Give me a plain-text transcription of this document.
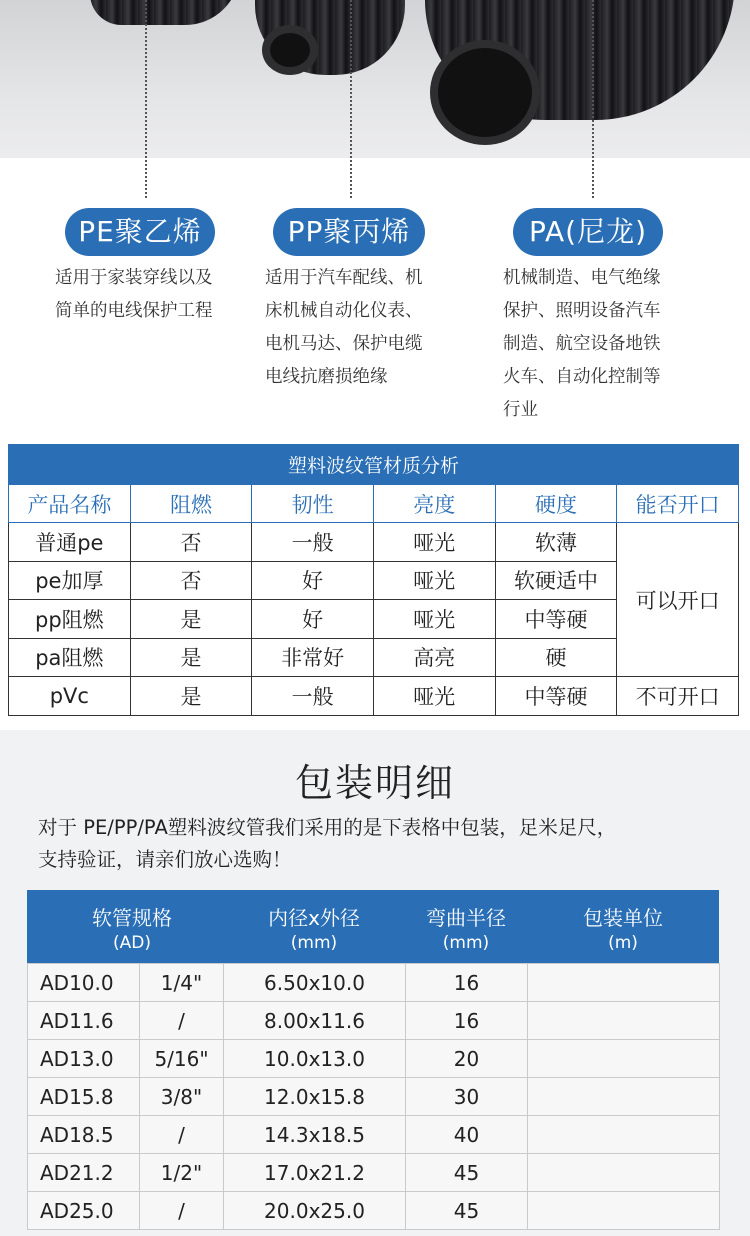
PE聚乙烯	PP聚丙烯	PA(尼龙)
适用于家装穿线以及
简单的电线保护工程
适用于汽车配线、机
床机械自动化仪表、
电机马达、保护电缆
电线抗磨损绝缘
机械制造、电气绝缘
保护、照明设备汽车
制造、航空设备地铁
火车、自动化控制等
行业
塑料波纹管材质分析					
产品名称	阻燃	韧性	亮度	硬度	能否开口
普通pe	否	一般	哑光	软薄	可以开口
pe加厚	否	好	哑光	软硬适中	
pp阻燃	是	好	哑光	中等硬	
pa阻燃	是	非常好	高亮	硬	
pVc	是	一般	哑光	中等硬	不可开口
包装明细
对于 PE/PP/PA塑料波纹管我们采用的是下表格中包装，足米足尺，
支持验证，请亲们放心选购！
软管规格
(AD)
内径x外径
(mm)
弯曲半径
(mm)
包装单位
(m)
AD10.0	1/4"	6.50x10.0	16	
AD11.6	/	8.00x11.6	16	
AD13.0	5/16"	10.0x13.0	20	
AD15.8	3/8"	12.0x15.8	30	
AD18.5	/	14.3x18.5	40	
AD21.2	1/2"	17.0x21.2	45	
AD25.0	/	20.0x25.0	45	
